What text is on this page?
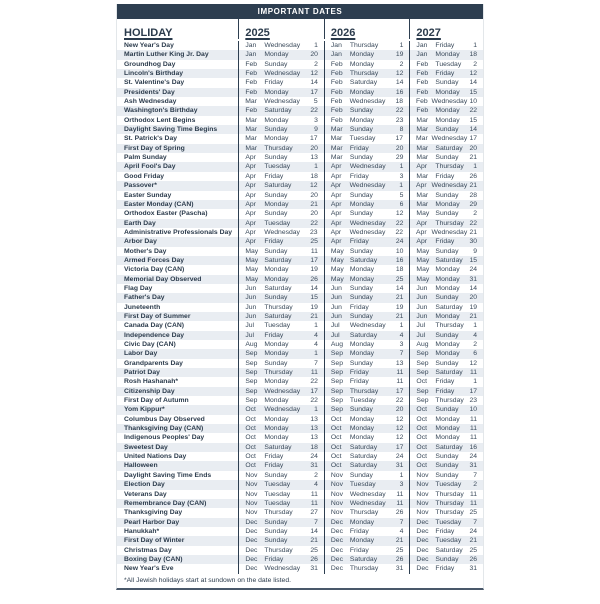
IMPORTANT DATES
HOLIDAY	2025	2026	2027
New Year's Day	Jan	Wednesday	1	Jan	Thursday	1	Jan	Friday	1
Martin Luther King Jr. Day	Jan	Monday	20	Jan	Monday	19	Jan	Monday	18
Groundhog Day	Feb	Sunday	2	Feb	Monday	2	Feb	Tuesday	2
Lincoln's Birthday	Feb	Wednesday	12	Feb	Thursday	12	Feb	Friday	12
St. Valentine's Day	Feb	Friday	14	Feb	Saturday	14	Feb	Sunday	14
Presidents' Day	Feb	Monday	17	Feb	Monday	16	Feb	Monday	15
Ash Wednesday	Mar	Wednesday	5	Feb	Wednesday	18	Feb Wednesday 10
Washington's Birthday	Feb	Saturday	22	Feb	Sunday	22	Feb	Monday	22
Orthodox Lent Begins	Mar	Monday	3	Feb	Monday	23	Mar	Monday	15
Daylight Saving Time Begins	Mar	Sunday	9	Mar	Sunday	8	Mar	Sunday	14
St. Patrick's Day	Mar	Monday	17	Mar	Tuesday	17	Mar Wednesday 17
First Day of Spring	Mar	Thursday	20	Mar	Friday	20	Mar	Saturday	20
Palm Sunday	Apr	Sunday	13	Mar	Sunday	29	Mar	Sunday	21
April Fool's Day	Apr	Tuesday	1	Apr	Wednesday	1	Apr	Thursday	1
Good Friday	Apr	Friday	18	Apr	Friday	3	Mar	Friday	26
Passover*	Apr	Saturday	12	Apr	Wednesday	1	Apr Wednesday 21
Easter Sunday	Apr	Sunday	20	Apr	Sunday	5	Mar	Sunday	28
Easter Monday (CAN)	Apr	Monday	21	Apr	Monday	6	Mar	Monday	29
Orthodox Easter (Pascha)	Apr	Sunday	20	Apr	Sunday	12	May Sunday	2
Earth Day	Apr	Tuesday	22	Apr	Wednesday	22	Apr	Thursday 22
Administrative Professionals Day	Apr	Wednesday	23	Apr	Wednesday	22	Apr Wednesday 21
Arbor Day	Apr	Friday	25	Apr	Friday	24	Apr	Friday	30
Mother's Day	May Sunday	11	May Sunday	10	May Sunday	9
Armed Forces Day	May Saturday	17	May Saturday	16	May Saturday	15
Victoria Day (CAN)	May Monday	19	May Monday	18	May Monday	24
Memorial Day Observed	May Monday	26	May Monday	25	May Monday	31
Flag Day	Jun	Saturday	14	Jun	Sunday	14	Jun	Monday	14
Father's Day	Jun	Sunday	15	Jun	Sunday	21	Jun	Sunday	20
Juneteenth	Jun	Thursday	19	Jun	Friday	19	Jun	Saturday	19
First Day of Summer	Jun	Saturday	21	Jun	Sunday	21	Jun	Monday	21
Canada Day (CAN)	Jul	Tuesday	1	Jul	Wednesday	1	Jul	Thursday	1
Independence Day	Jul	Friday	4	Jul	Saturday	4	Jul	Sunday	4
Civic Day (CAN)	Aug	Monday	4	Aug	Monday	3	Aug	Monday	2
Labor Day	Sep	Monday	1	Sep	Monday	7	Sep	Monday	6
Grandparents Day	Sep	Sunday	7	Sep	Sunday	13	Sep	Sunday	12
Patriot Day	Sep	Thursday	11	Sep	Friday	11	Sep	Saturday	11
Rosh Hashanah*	Sep	Monday	22	Sep	Friday	11	Oct	Friday	1
Citizenship Day	Sep	Wednesday	17	Sep	Thursday	17	Sep	Friday	17
First Day of Autumn	Sep	Monday	22	Sep	Tuesday	22	Sep	Thursday 23
Yom Kippur*	Oct	Wednesday	1	Sep	Sunday	20	Oct	Sunday	10
Columbus Day Observed	Oct	Monday	13	Oct	Monday	12	Oct	Monday	11
Thanksgiving Day (CAN)	Oct	Monday	13	Oct	Monday	12	Oct	Monday	11
Indigenous Peoples' Day	Oct	Monday	13	Oct	Monday	12	Oct	Monday	11
Sweetest Day	Oct	Saturday	18	Oct	Saturday	17	Oct	Saturday	16
United Nations Day	Oct	Friday	24	Oct	Saturday	24	Oct	Sunday	24
Halloween	Oct	Friday	31	Oct	Saturday	31	Oct	Sunday	31
Daylight Saving Time Ends	Nov	Sunday	2	Nov	Sunday	1	Nov	Sunday	7
Election Day	Nov	Tuesday	4	Nov	Tuesday	3	Nov	Tuesday	2
Veterans Day	Nov	Tuesday	11	Nov	Wednesday	11	Nov	Thursday 11
Remembrance Day (CAN)	Nov	Tuesday	11	Nov	Wednesday	11	Nov	Thursday 11
Thanksgiving Day	Nov	Thursday	27	Nov	Thursday	26	Nov	Thursday 25
Pearl Harbor Day	Dec	Sunday	7	Dec	Monday	7	Dec	Tuesday	7
Hanukkah*	Dec	Sunday	14	Dec	Friday	4	Dec	Friday	24
First Day of Winter	Dec	Sunday	21	Dec	Monday	21	Dec	Tuesday	21
Christmas Day	Dec	Thursday	25	Dec	Friday	25	Dec	Saturday	25
Boxing Day (CAN)	Dec	Friday	26	Dec	Saturday	26	Dec	Sunday	26
New Year's Eve	Dec	Wednesday	31	Dec	Thursday	31	Dec	Friday	31
*All Jewish holidays start at sundown on the date listed.
